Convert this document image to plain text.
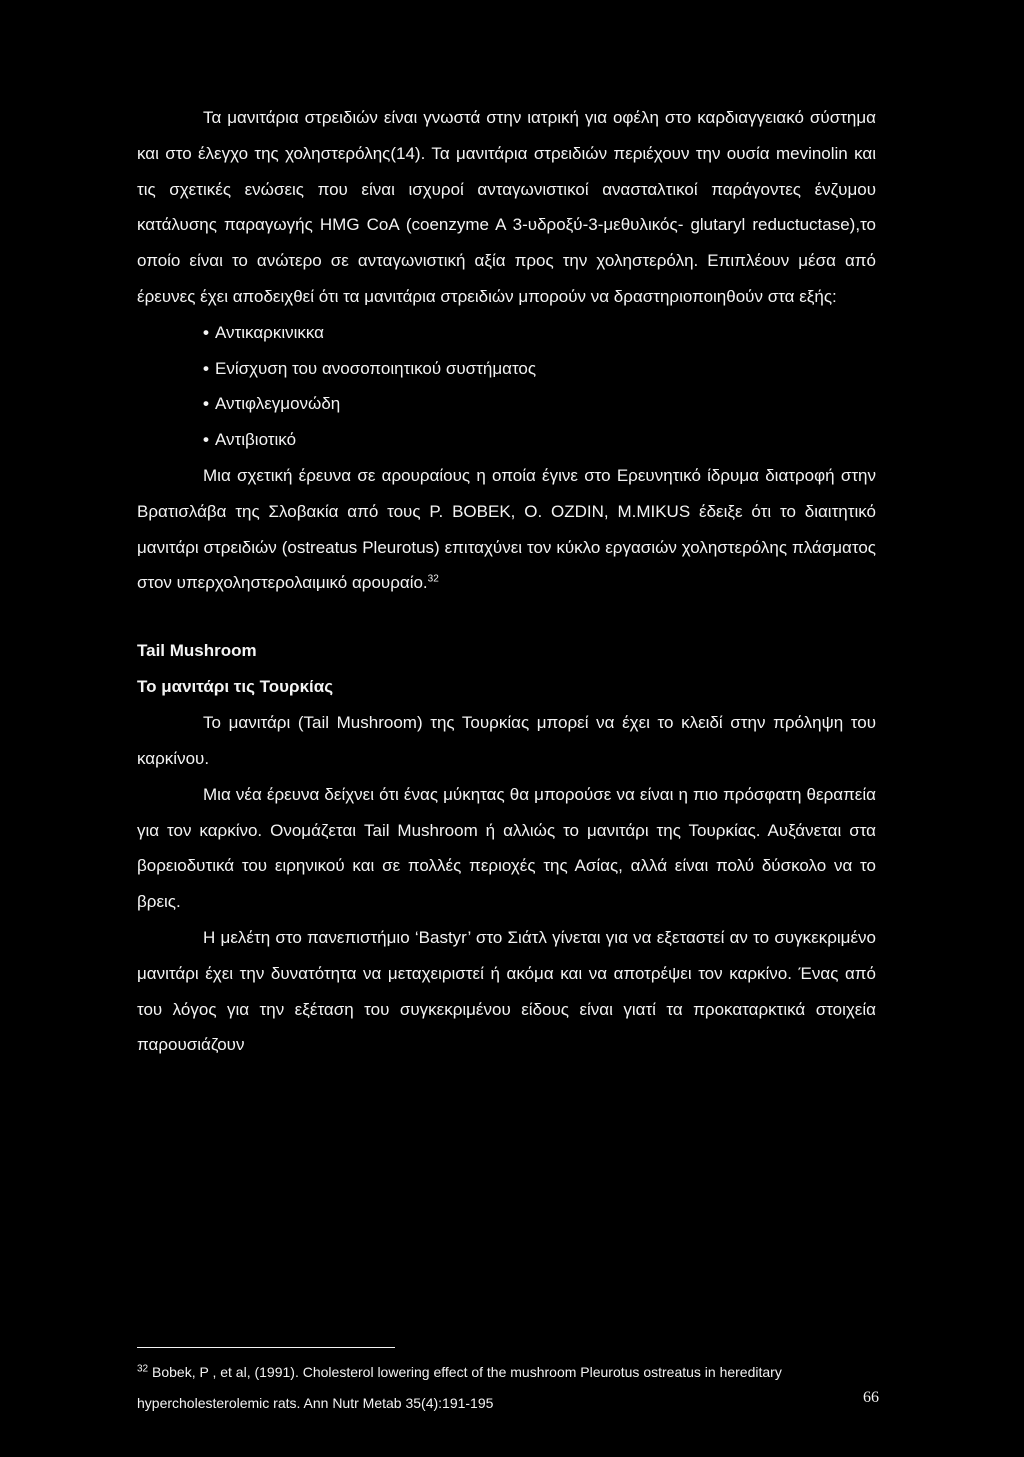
Τα μανιτάρια στρειδιών είναι γνωστά στην ιατρική για οφέλη στο καρδιαγγειακό σύστημα και στο έλεγχο της χοληστερόλης(14). Τα μανιτάρια στρειδιών περιέχουν την ουσία mevinolin και τις σχετικές ενώσεις που είναι ισχυροί ανταγωνιστικοί ανασταλτικοί παράγοντες ένζυμου κατάλυσης παραγωγής HMG CoA (coenzyme A 3-υδροξύ-3-μεθυλικός- glutaryl reductuctase),το οποίο είναι το ανώτερο σε ανταγωνιστική αξία προς την χοληστερόλη. Επιπλέουν μέσα από έρευνες έχει αποδειχθεί ότι τα μανιτάρια στρειδιών μπορούν να δραστηριοποιηθούν στα εξής:

• Αντικαρκινικκα
• Ενίσχυση του ανοσοποιητικού συστήματος
• Αντιφλεγμονώδη
• Αντιβιοτικό

Μια σχετική έρευνα σε αρουραίους η οποία έγινε στο Ερευνητικό ίδρυμα διατροφή στην Βρατισλάβα της Σλοβακία από τους P. BOBEK, O. OZDIN, M.MIKUS έδειξε ότι το διαιτητικό μανιτάρι στρειδιών (ostreatus Pleurotus) επιταχύνει τον κύκλο εργασιών χοληστερόλης πλάσματος στον υπερχοληστερολαιμικό αρουραίο.$^{32}$

Tail Mushroom

Το μανιτάρι τις Τουρκίας

Το μανιτάρι (Tail Mushroom) της Τουρκίας μπορεί να έχει το κλειδί στην πρόληψη του καρκίνου.

Μια νέα έρευνα δείχνει ότι ένας μύκητας θα μπορούσε να είναι η πιο πρόσφατη θεραπεία για τον καρκίνο. Ονομάζεται Tail Mushroom ή αλλιώς το μανιτάρι της Τουρκίας. Αυξάνεται στα βορειοδυτικά του ειρηνικού και σε πολλές περιοχές της Ασίας, αλλά είναι πολύ δύσκολο να το βρεις.

Η μελέτη στο πανεπιστήμιο ‘Bastyr’ στο Σιάτλ γίνεται για να εξεταστεί αν το συγκεκριμένο μανιτάρι έχει την δυνατότητα να μεταχειριστεί ή ακόμα και να αποτρέψει τον καρκίνο. Ένας από του λόγος για την εξέταση του συγκεκριμένου είδους είναι γιατί τα προκαταρκτικά στοιχεία παρουσιάζουν

$^{32}$ Bobek, P , et al, (1991). Cholesterol lowering effect of the mushroom Pleurotus ostreatus in hereditary hypercholesterolemic rats. Ann Nutr Metab 35(4):191-195	66
